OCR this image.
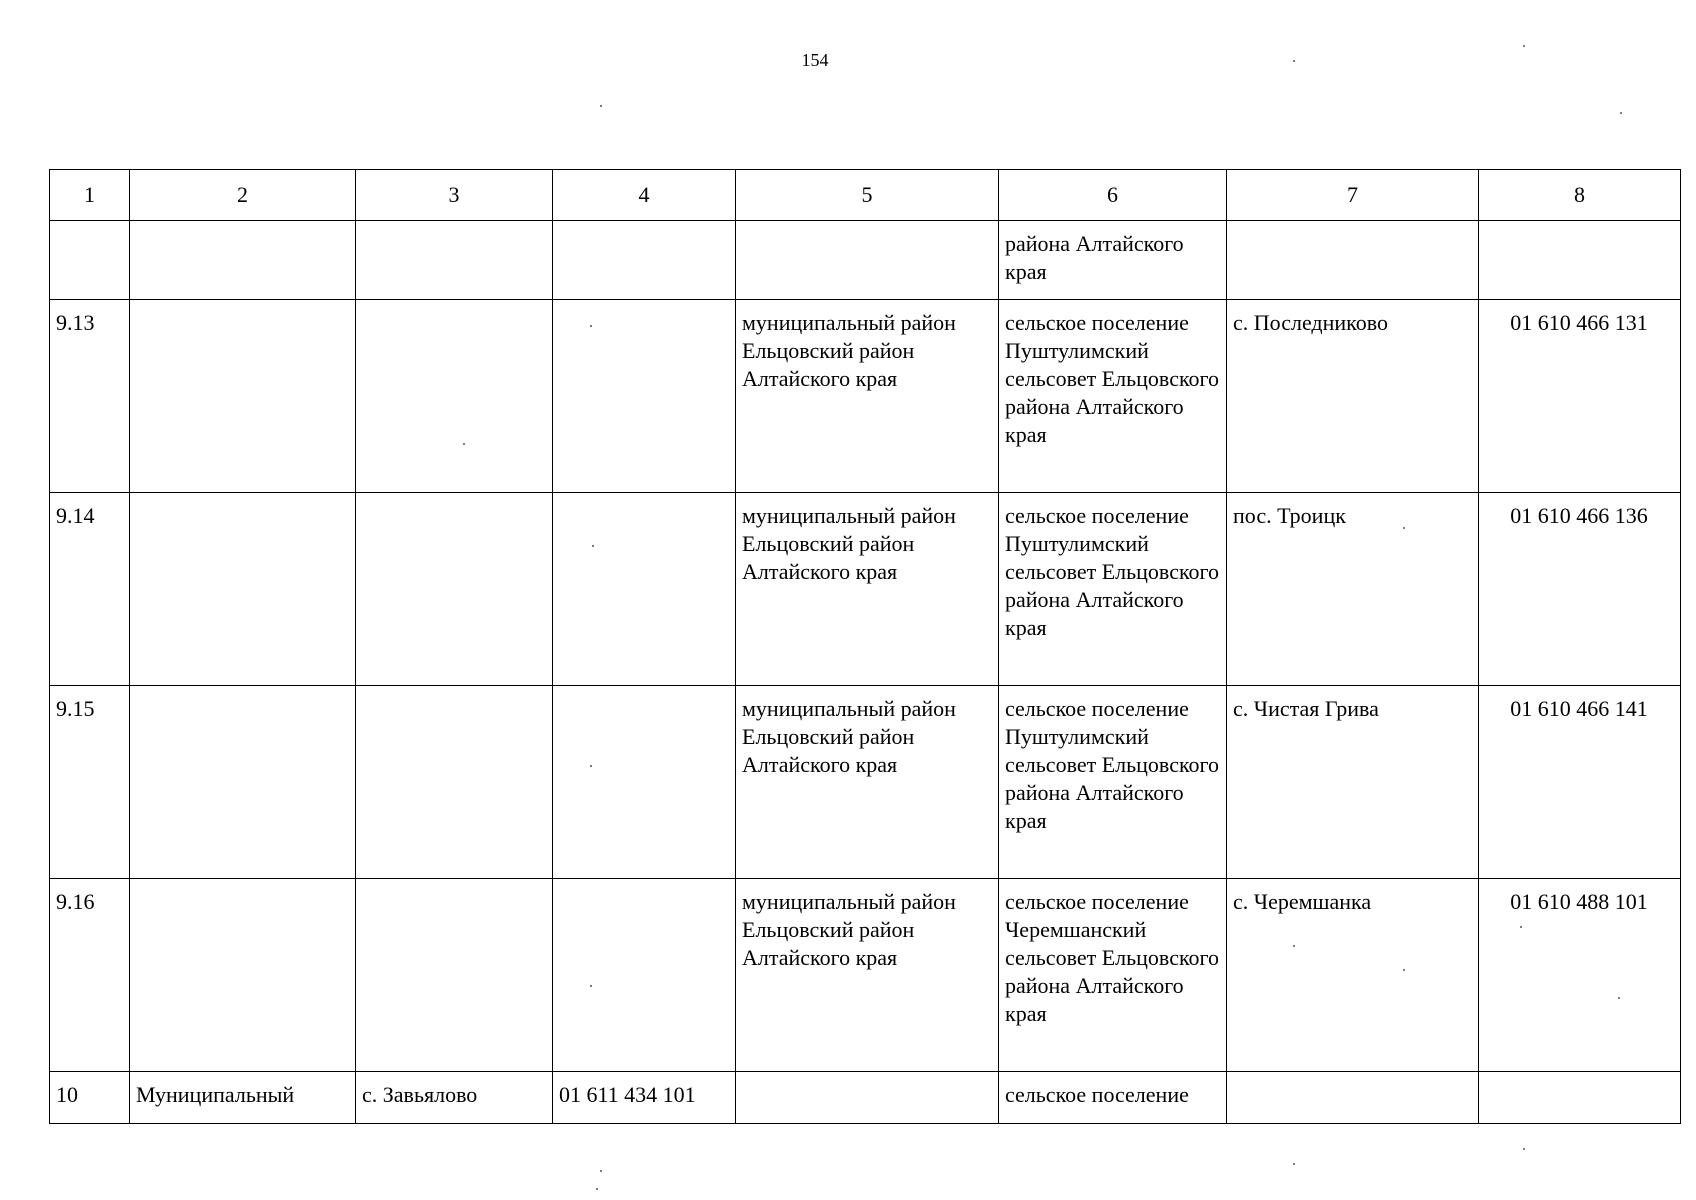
154
1	2	3	4	5	6	7	8
					района Алтайского края		
9.13				муниципальный район Ельцовский район Алтайского края	сельское поселение Пуштулимский сельсовет Ельцовского района Алтайского края	с. Последниково	01 610 466 131
9.14				муниципальный район Ельцовский район Алтайского края	сельское поселение Пуштулимский сельсовет Ельцовского района Алтайского края	пос. Троицк	01 610 466 136
9.15				муниципальный район Ельцовский район Алтайского края	сельское поселение Пуштулимский сельсовет Ельцовского района Алтайского края	с. Чистая Грива	01 610 466 141
9.16				муниципальный район Ельцовский район Алтайского края	сельское поселение Черемшанский сельсовет Ельцовского района Алтайского края	с. Черемшанка	01 610 488 101
10	Муниципальный	с. Завьялово	01 611 434 101		сельское поселение		
